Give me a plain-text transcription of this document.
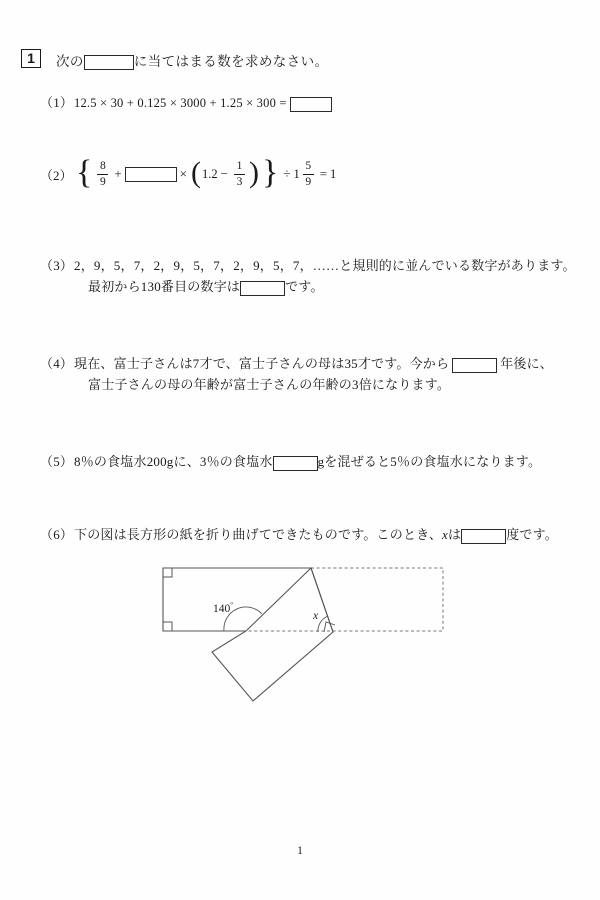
1	次の	に当てはまる数を求めなさい。
（1）12.5 × 30 + 0.125 × 3000 + 1.25 × 300 =
（2） { $\frac{8}{9}$ +	× ( $1.2 - \frac{1}{3}$ ) } ÷ $1 \frac{5}{9} = 1$
（3）2，9，5，7，2，9，5，7，2，9，5，7，……と規則的に並んでいる数字があります。
最初から130番目の数字は	です。
（4）現在、富士子さんは7才で、富士子さんの母は35才です。今から	年後に、
富士子さんの母の年齢が富士子さんの年齢の3倍になります。
（5）8％の食塩水200gに、3％の食塩水	gを混ぜると5％の食塩水になります。
（6）下の図は長方形の紙を折り曲げてできたものです。このとき、xは	度です。
140°
x
1
